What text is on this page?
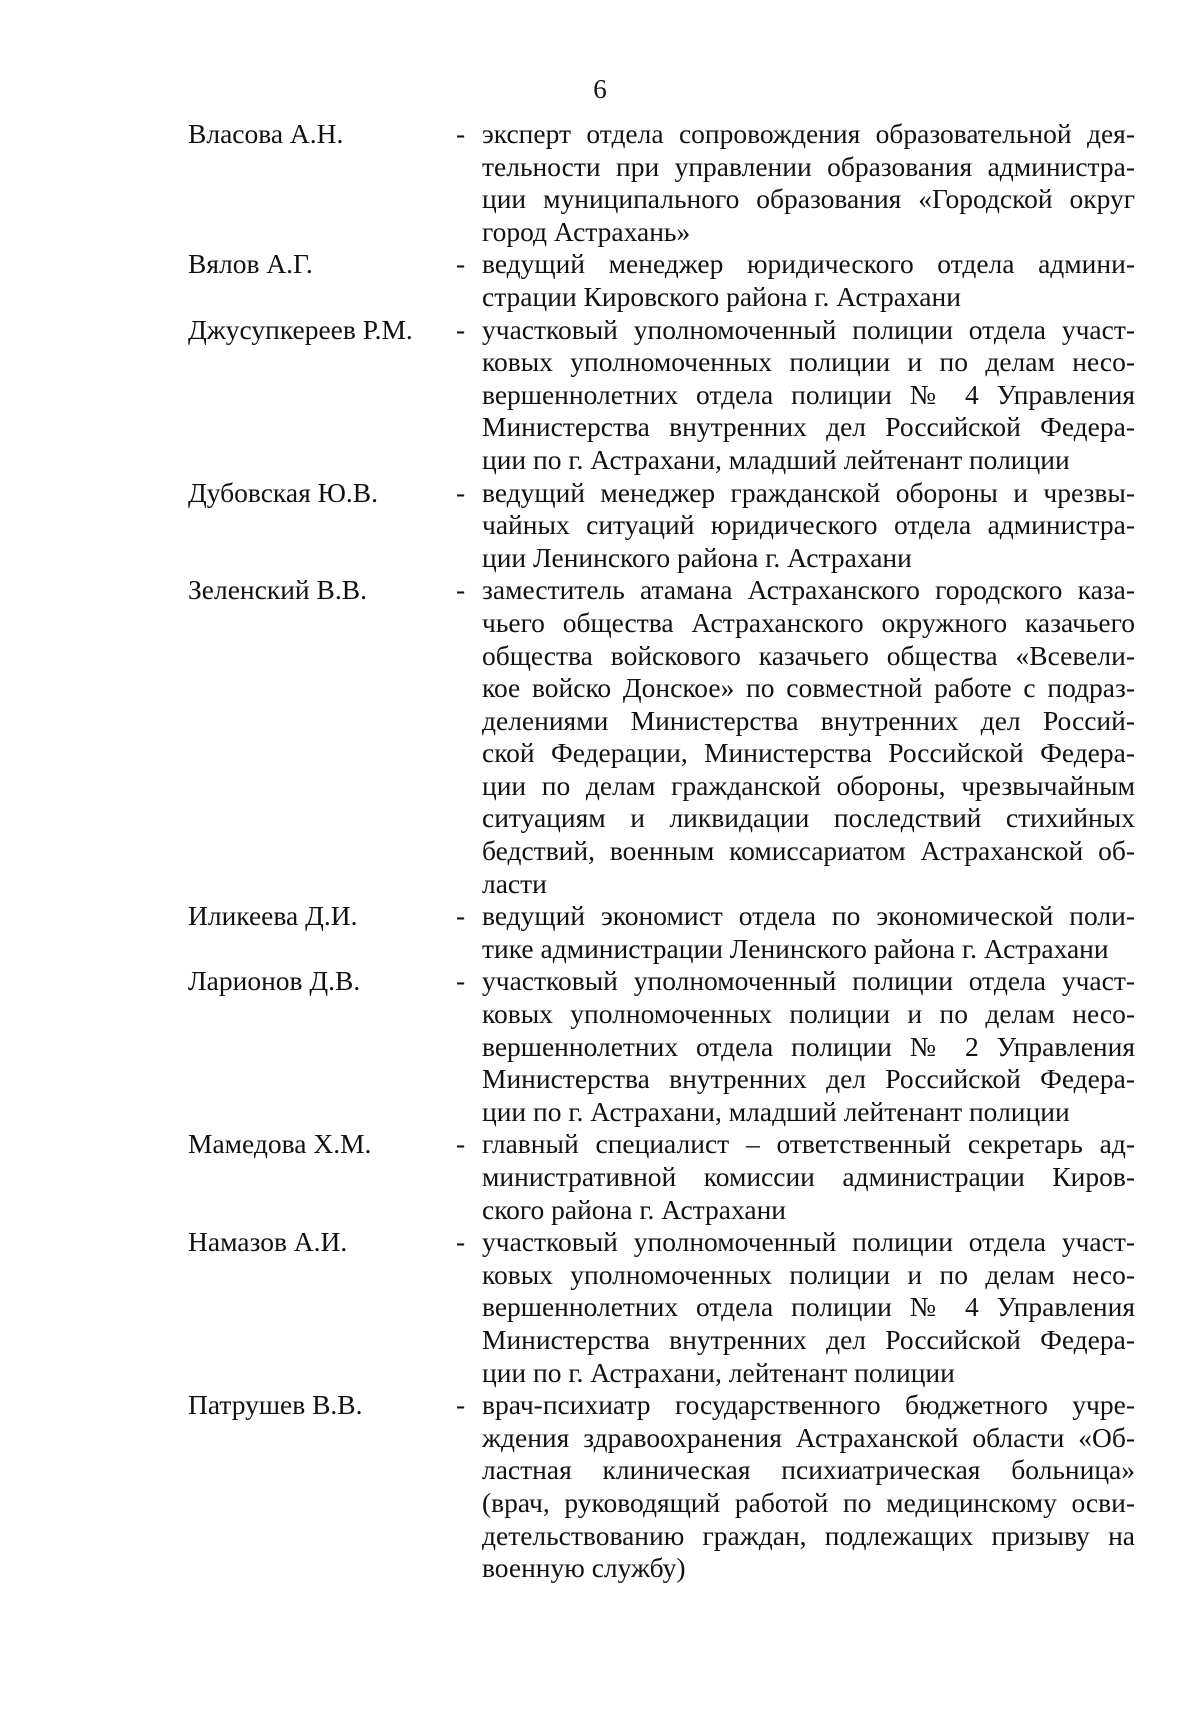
6
Власова А.Н.	- эксперт отдела сопровождения образовательной дея-
тельности при управлении образования администра-
ции муниципального образования «Городской округ
город Астрахань»
Вялов А.Г.	- ведущий менеджер юридического отдела админи-
страции Кировского района г. Астрахани
Джусупкереев Р.М.	- участковый уполномоченный полиции отдела участ-
ковых уполномоченных полиции и по делам несо-
вершеннолетних отдела полиции № 4 Управления
Министерства внутренних дел Российской Федера-
ции по г. Астрахани, младший лейтенант полиции
Дубовская Ю.В.	- ведущий менеджер гражданской обороны и чрезвы-
чайных ситуаций юридического отдела администра-
ции Ленинского района г. Астрахани
Зеленский В.В.	- заместитель атамана Астраханского городского каза-
чьего общества Астраханского окружного казачьего
общества войскового казачьего общества «Всевели-
кое войско Донское» по совместной работе с подраз-
делениями Министерства внутренних дел Россий-
ской Федерации, Министерства Российской Федера-
ции по делам гражданской обороны, чрезвычайным
ситуациям и ликвидации последствий стихийных
бедствий, военным комиссариатом Астраханской об-
ласти
Иликеева Д.И.	- ведущий экономист отдела по экономической поли-
тике администрации Ленинского района г. Астрахани
Ларионов Д.В.	- участковый уполномоченный полиции отдела участ-
ковых уполномоченных полиции и по делам несо-
вершеннолетних отдела полиции № 2 Управления
Министерства внутренних дел Российской Федера-
ции по г. Астрахани, младший лейтенант полиции
Мамедова Х.М.	- главный специалист – ответственный секретарь ад-
министративной комиссии администрации Киров-
ского района г. Астрахани
Намазов А.И.	- участковый уполномоченный полиции отдела участ-
ковых уполномоченных полиции и по делам несо-
вершеннолетних отдела полиции № 4 Управления
Министерства внутренних дел Российской Федера-
ции по г. Астрахани, лейтенант полиции
Патрушев В.В.	- врач-психиатр государственного бюджетного учре-
ждения здравоохранения Астраханской области «Об-
ластная клиническая психиатрическая больница»
(врач, руководящий работой по медицинскому осви-
детельствованию граждан, подлежащих призыву на
военную службу)
